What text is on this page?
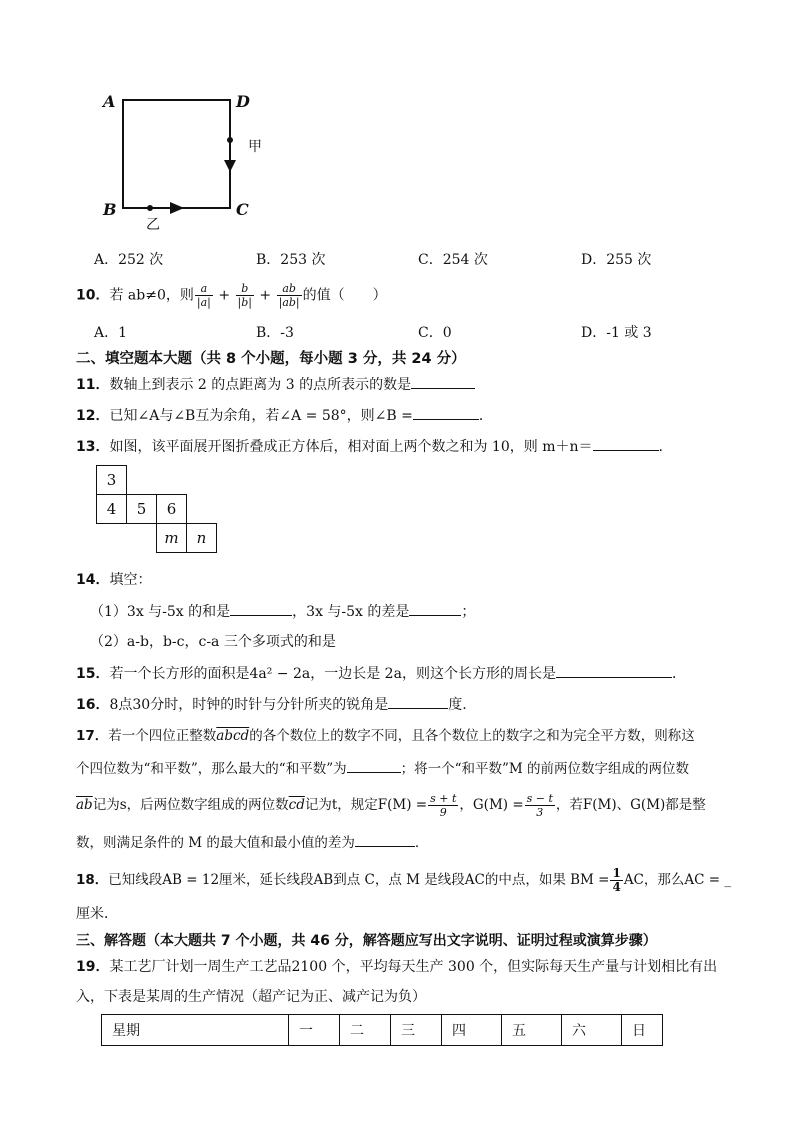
A	D
B	C
甲
乙
A．252 次	B．253 次	C．254 次	D．255 次
10．若 ab≠0，则 $\frac{a}{|a|} + \frac{b}{|b|} + \frac{ab}{|ab|}$ 的值（　　）
A．1	B．-3	C．0	D．-1 或 3
二、填空题本大题（共 8 个小题，每小题 3 分，共 24 分）
11．数轴上到表示 2 的点距离为 3 的点所表示的数是
12．已知∠A与∠B互为余角，若∠A = 58°，则∠B =	．
13．如图，该平面展开图折叠成正方体后，相对面上两个数之和为 10，则 m＋n＝	.
3			
4	5	6	
		m	n
14．填空：
（1）3x 与-5x 的和是	，3x 与-5x 的差是	；
（2）a-b，b-c，c-a 三个多项式的和是
15．若一个长方形的面积是4a² − 2a，一边长是 2a，则这个长方形的周长是	．
16．8点30分时，时钟的时针与分针所夹的锐角是	度.
17．若一个四位正整数abcd的各个数位上的数字不同，且各个数位上的数字之和为完全平方数，则称这
个四位数为“和平数”，那么最大的“和平数”为	；将一个“和平数”M 的前两位数字组成的两位数
$\overline{ab}$记为s，后两位数字组成的两位数$\overline{cd}$记为t，规定$F(M) = \frac{s + t}{9}$ ，$G(M) = \frac{s - t}{3}$ ，若F(M)、G(M)都是整
数，则满足条件的 M 的最大值和最小值的差为	．
18．已知线段AB = 12厘米，延长线段AB到点 C，点 M 是线段AC的中点，如果 BM = $\frac{1}{4}$ AC，那么AC = _
厘米．
三、解答题（本大题共 7 个小题，共 46 分，解答题应写出文字说明、证明过程或演算步骤）
19．某工艺厂计划一周生产工艺品2100 个，平均每天生产 300 个，但实际每天生产量与计划相比有出
入，下表是某周的生产情况（超产记为正、减产记为负）
星期	一	二	三	四	五	六	日
